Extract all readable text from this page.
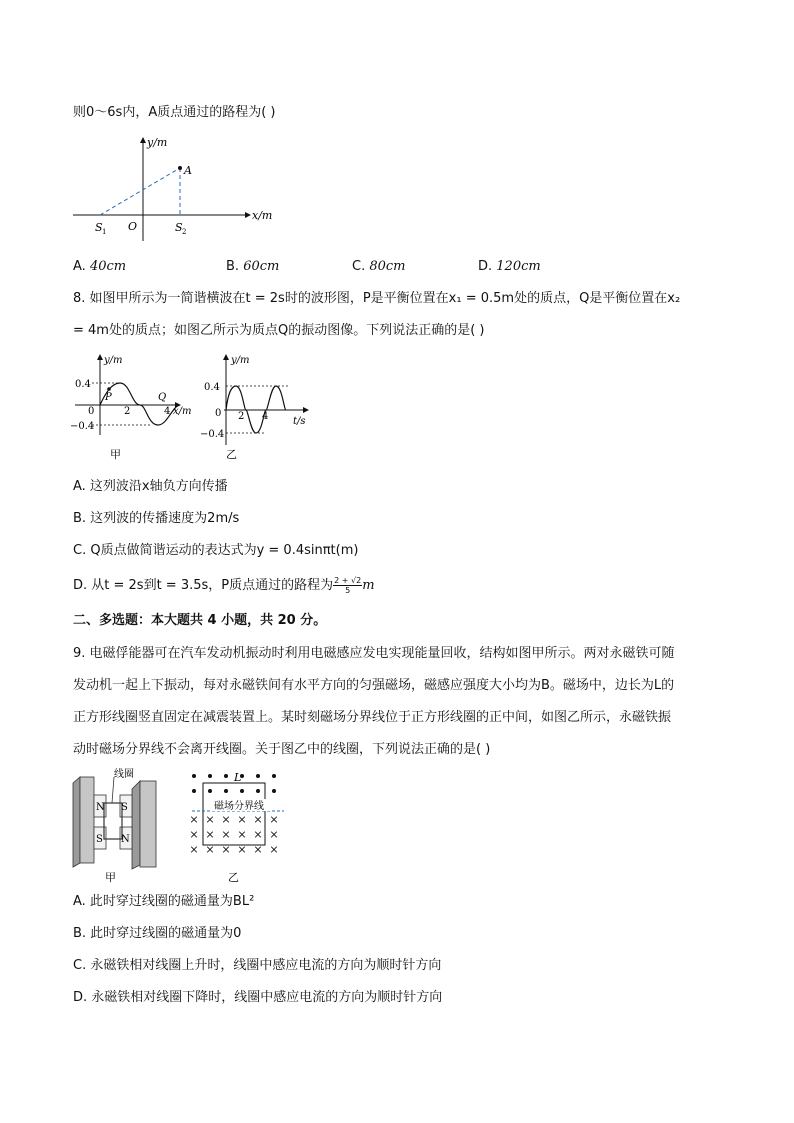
则0～6s内，A质点通过的路程为( )
y/m
x/m
A
O
S 1	S 2
A. 40cm	B. 60cm	C. 80cm	D. 120cm
8. 如图甲所示为一简谐横波在t = 2s时的波形图，P是平衡位置在x₁ = 0.5m处的质点，Q是平衡位置在x₂
= 4m处的质点；如图乙所示为质点Q的振动图像。下列说法正确的是( )
y/m
x/m
0.4
−0.4
0	2	4
P	Q
甲
y/m
t/s
0.4
−0.4
0 2 4
乙
A. 这列波沿x轴负方向传播
B. 这列波的传播速度为2m/s
C. Q质点做简谐运动的表达式为y = 0.4sinπt(m)
D. 从t = 2s到t = 3.5s，P质点通过的路程为 $\frac{2 + √2}{5}$ m
二、多选题：本大题共 4 小题，共 20 分。
9. 电磁俘能器可在汽车发动机振动时利用电磁感应发电实现能量回收，结构如图甲所示。两对永磁铁可随
发动机一起上下振动，每对永磁铁间有水平方向的匀强磁场，磁感应强度大小均为B。磁场中，边长为L的
正方形线圈竖直固定在减震装置上。某时刻磁场分界线位于正方形线圈的正中间，如图乙所示，永磁铁振
动时磁场分界线不会离开线圈。关于图乙中的线圈，下列说法正确的是( )
线圈
N S
S N
甲
× × × × × ×
× × × × × ×
× × × × × ×
L
磁场分界线
乙
A. 此时穿过线圈的磁通量为BL²
B. 此时穿过线圈的磁通量为0
C. 永磁铁相对线圈上升时，线圈中感应电流的方向为顺时针方向
D. 永磁铁相对线圈下降时，线圈中感应电流的方向为顺时针方向
